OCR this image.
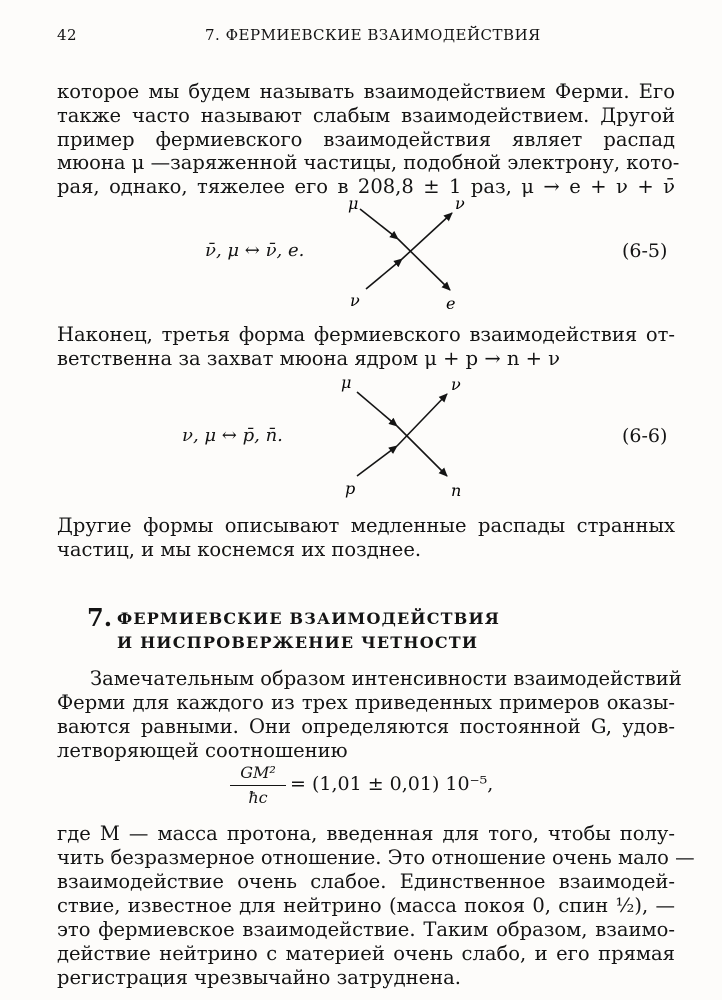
42	7. ФЕРМИЕВСКИЕ ВЗАИМОДЕЙСТВИЯ
которое мы будем называть взаимодействием Ферми. Его
также часто называют слабым взаимодействием. Другой
пример фермиевского взаимодействия являет распад
мюона μ —заряженной частицы, подобной электрону, кото-
рая, однако, тяжелее его в 208,8 ± 1 раз, μ → e + ν + ν̄
ν̄, μ ↔ ν̄, e.
μ	ν
ν	e
(6-5)
Наконец, третья форма фермиевского взаимодействия от-
ветственна за захват мюона ядром μ + p → n + ν
ν, μ ↔ p̄, n̄.
μ	ν
p	n
(6-6)
Другие формы описывают медленные распады странных
частиц, и мы коснемся их позднее.
7. ФЕРМИЕВСКИЕ ВЗАИМОДЕЙСТВИЯ
И НИСПРОВЕРЖЕНИЕ ЧЕТНОСТИ
Замечательным образом интенсивности взаимодействий
Ферми для каждого из трех приведенных примеров оказы-
ваются равными. Они определяются постоянной G, удов-
летворяющей соотношению
GM²
ħc
= (1,01 ± 0,01) 10⁻⁵,
где M — масса протона, введенная для того, чтобы полу-
чить безразмерное отношение. Это отношение очень мало —
взаимодействие очень слабое. Единственное взаимодей-
ствие, известное для нейтрино (масса покоя 0, спин ½), —
это фермиевское взаимодействие. Таким образом, взаимо-
действие нейтрино с материей очень слабо, и его прямая
регистрация чрезвычайно затруднена.
